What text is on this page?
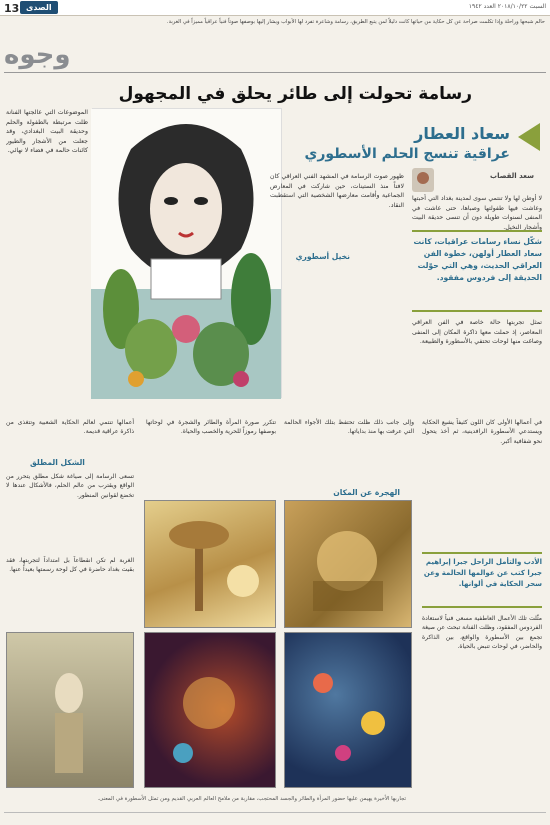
13 الصدى	السبت ٢٠١٨/١٠/٢٢ العدد ١٩٤٢

حالم شبحها وراحلة وإذا تكلمت صراحة عن كل حكاية من حياتها كانت دليلاً لمن يتبع الطريق، رسامة وشاعرة تفرد لها الأبواب ويشار إليها بوصفها صوتاً فنياً عراقياً مميزاً في الغربة.

وجوه
رسامة تحولت إلى طائر يحلق في المجهول
سعاد العطار
عراقية تنسج الحلم الأسطوري
سعد القصاب

لا أوطن لها ولا تنتمي سوى لمدينة بغداد التي أحبتها وعاشت فيها طفولتها وصباها، حتى عاشت في المنفى لسنوات طويلة دون أن تنسى حديقة البيت وأشجار النخيل.

شكّل نساء رسامات عراقيات، كانت سعاد العطار أولهن، خطوة الفن العراقي الحديث، وهي التي حوّلت الحديقة إلى فردوس مفقود.

تمثل تجربتها حالة خاصة في الفن العراقي المعاصر، إذ حملت معها ذاكرة المكان إلى المنفى وصاغت منها لوحات تحتفي بالأسطورة والطبيعة.

ظهور صوت الرسامة في المشهد الفني العراقي كان لافتاً منذ الستينات، حين شاركت في المعارض الجماعية وأقامت معارضها الشخصية التي استقطبت النقاد.

نخيل أسطوري

الموضوعات التي عالجتها الفنانة ظلت مرتبطة بالطفولة والحلم وحديقة البيت البغدادي، وقد جعلت من الأشجار والطيور كائنات حالمة في فضاء لا نهائي.

في أعمالها الأولى كان اللون كثيفاً يشيع الحكاية ويستدعي الأسطورة الرافدينية، ثم أخذ يتحول نحو شفافية أكبر.

وإلى جانب ذلك ظلت تحتفظ بتلك الأجواء الحالمة التي عرفت بها منذ بداياتها.

تتكرر صورة المرأة والطائر والشجرة في لوحاتها بوصفها رموزاً للحرية والخصب والحياة.

أعمالها تنتمي لعالم الحكاية الشعبية وتتغذى من ذاكرة عراقية قديمة.

الشكل المطلق

تسعى الرسامة إلى صياغة شكل مطلق يتحرر من الواقع ويقترب من عالم الحلم، فالأشكال عندها لا تخضع لقوانين المنظور.	الهجرة عن المكان

الغربة لم تكن انقطاعاً بل امتداداً لتجربتها، فقد بقيت بغداد حاضرة في كل لوحة رسمتها بعيداً عنها.

الأدب والتأمل الراحل جبرا إبراهيم جبرا كتب عن عوالمها الحالمة وعن سحر الحكاية في ألوانها.

مثّلت تلك الأعمال العاطفية مسعى فنياً لاستعادة الفردوس المفقود، وظلت الفنانة تبحث عن صيغة تجمع بين الأسطورة والواقع، بين الذاكرة والحاضر، في لوحات تنبض بالحياة.

تجاربها الأخيرة يهيمن عليها حضور المرأة والطائر والجسد المحتجب، مقاربة من ملامح العالم العربي القديم ومن تمثل الأسطورة في المعنى.
